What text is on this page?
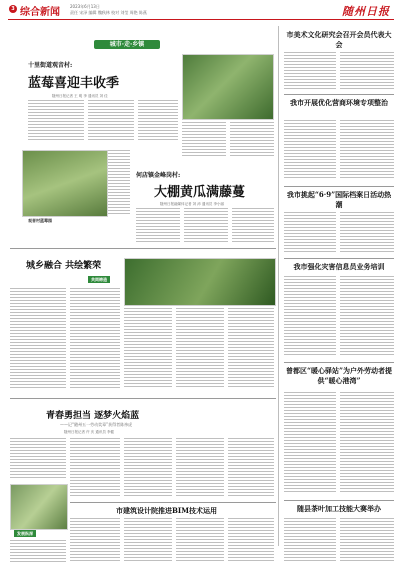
3 综合新闻
2023年6月13日
责任 宋泽 编辑 魏秋林 校对 刘莹 周艳 陈燕	随州日报
城市·走·乡镇
十里街道观音村:
蓝莓喜迎丰收季
随州日报记者 王 明 李 通讯员 刘 佳
观音村蓝莓园
何店镇金峰岗村:
大棚黄瓜满藤蔓
随州日报融媒体记者 刘 沛 通讯员 李小丽
城乡融合 共绘繁荣
共同缔造
青春勇担当 逐梦火焰蓝
——记“随州五一劳动奖章”获得者陈祎虎
随州日报记者 许 庆 通讯员 李健
发展纵深
市建筑设计院推进BIM技术运用
市美术文化研究会召开会员代表大会
我市开展优化营商环境专项整治
我市挑起“6·9”国际档案日活动热潮
我市强化灾害信息员业务培训
曾都区“暖心驿站”为户外劳动者提供“暖心港湾”
随县茶叶加工技能大赛举办
